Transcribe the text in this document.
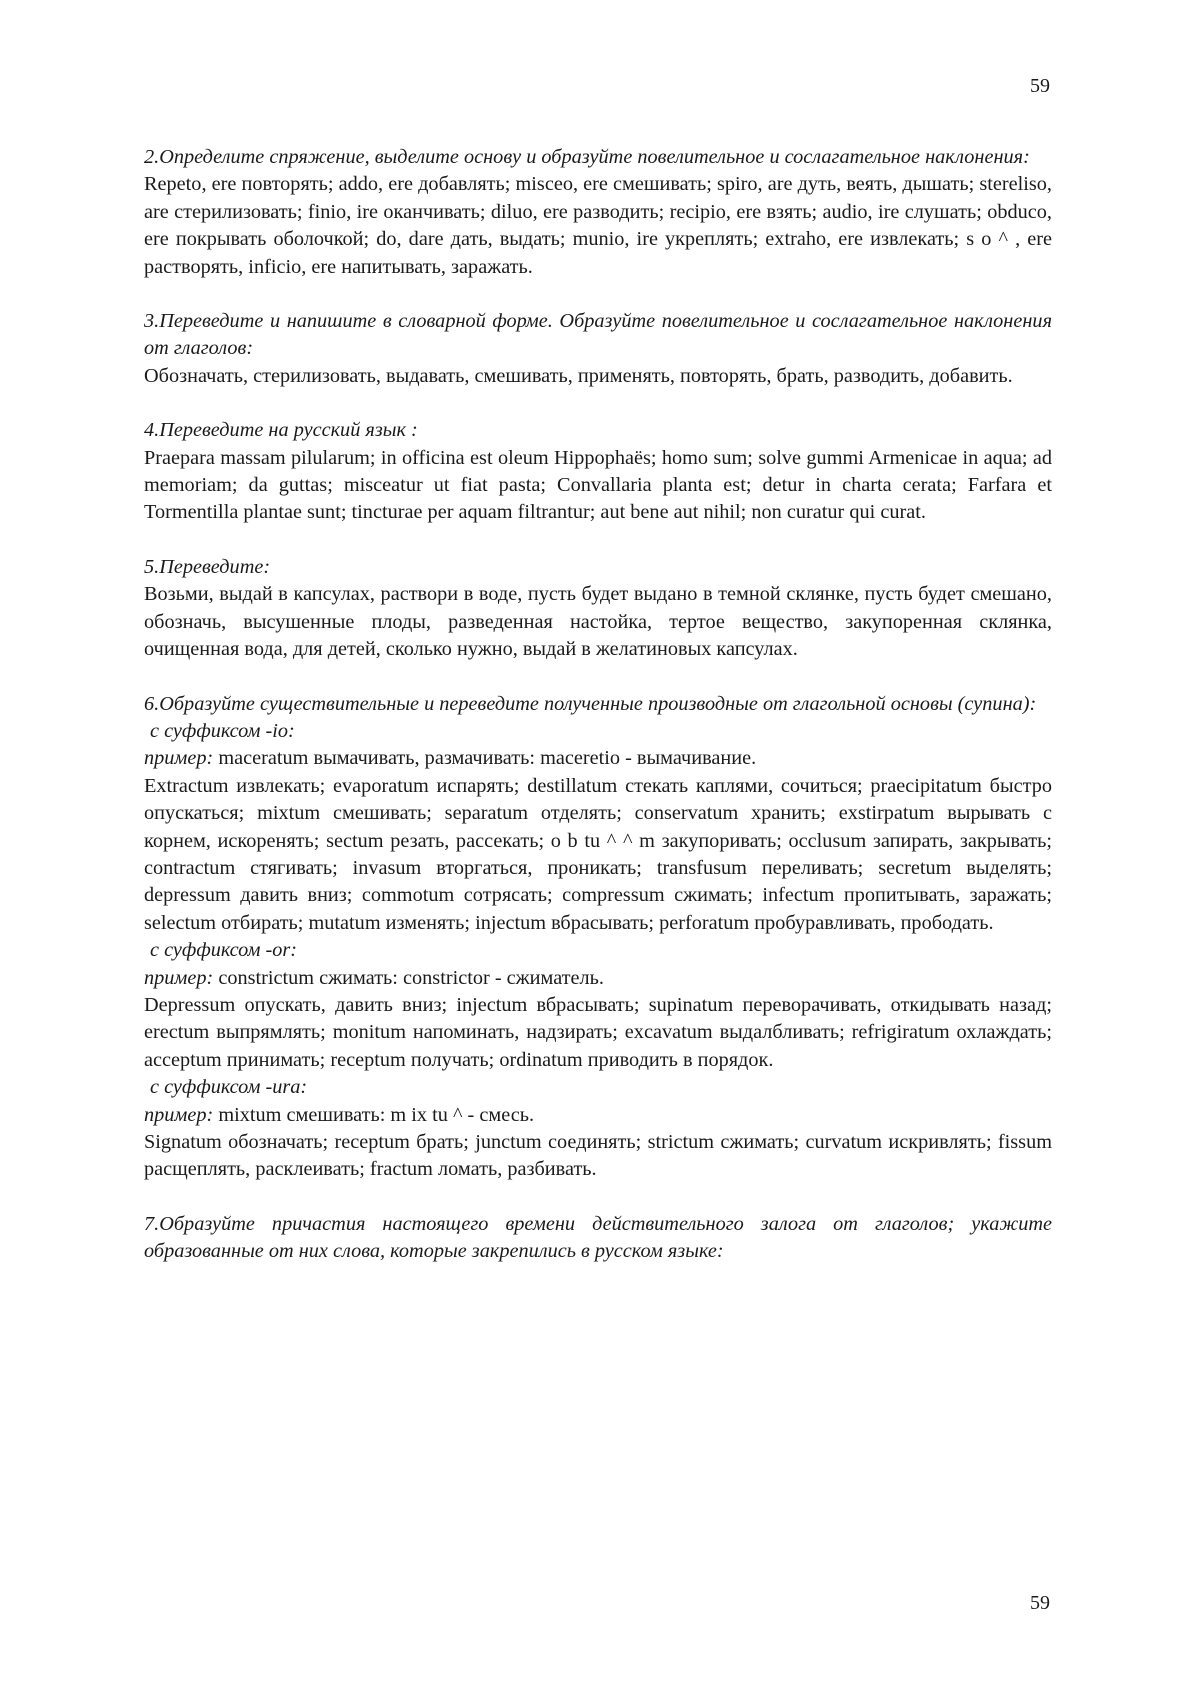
59
2.Определите спряжение, выделите основу и образуйте повелительное и сослагательное наклонения:
Repeto, ere повторять; addo, ere добавлять; misceo, ere смешивать; spiro, are дуть, веять, дышать; stereliso, are стерилизовать; finio, ire оканчивать; diluo, ere разводить; recipio, ere взять; audio, ire слушать; obduco, ere покрывать оболочкой; do, dare дать, выдать; munio, ire укреплять; extraho, ere извлекать; s o ^ , ere растворять, inficio, ere напитывать, заражать.
3.Переведите и напишите в словарной форме. Образуйте повелительное и сослагательное наклонения от глаголов:
Обозначать, стерилизовать, выдавать, смешивать, применять, повторять, брать, разводить, добавить.
4.Переведите на русский язык :
Praepara massam pilularum; in officina est oleum Hippophaës; homo sum; solve gummi Armenicae in aqua; ad memoriam; da guttas; misceatur ut fiat pasta; Convallaria planta est; detur in charta cerata; Farfara et Tormentilla plantae sunt; tincturae per aquam filtrantur; aut bene aut nihil; non curatur qui curat.
5.Переведите:
Возьми, выдай в капсулах, раствори в воде, пусть будет выдано в темной склянке, пусть будет смешано, обозначь, высушенные плоды, разведенная настойка, тертое вещество, закупоренная склянка, очищенная вода, для детей, сколько нужно, выдай в желатиновых капсулах.
6.Образуйте существительные и переведите полученные производные от глагольной основы (супина):
с суффиксом -io:
пример: maceratum вымачивать, размачивать: maceretio - вымачивание.
Extractum извлекать; evaporatum испарять; destillatum стекать каплями, сочиться; praecipitatum быстро опускаться; mixtum смешивать; separatum отделять; conservatum хранить; exstirpatum вырывать с корнем, искоренять; sectum резать, рассекать; o b tu ^ ^ m закупоривать; occlusum запирать, закрывать; contractum стягивать; invasum вторгаться, проникать; transfusum переливать; secretum выделять; depressum давить вниз; commotum сотрясать; compressum сжимать; infectum пропитывать, заражать; selectum отбирать; mutatum изменять; injectum вбрасывать; perforatum пробуравливать, прободать.
с суффиксом -or:
пример: constrictum сжимать: constrictor - сжиматель.
Depressum опускать, давить вниз; injectum вбрасывать; supinatum переворачивать, откидывать назад; erectum выпрямлять; monitum напоминать, надзирать; excavatum выдалбливать; refrigiratum охлаждать; acceptum принимать; receptum получать; ordinatum приводить в порядок.
с суффиксом -ura:
пример: mixtum смешивать: m ix tu ^ - смесь.
Signatum обозначать; receptum брать; junctum соединять; strictum сжимать; curvatum искривлять; fissum расщеплять, расклеивать; fractum ломать, разбивать.
7.Образуйте причастия настоящего времени действительного залога от глаголов; укажите образованные от них слова, которые закрепились в русском языке:
59
